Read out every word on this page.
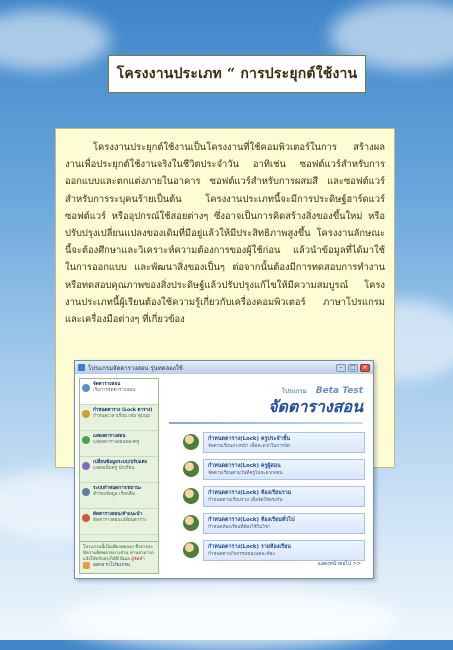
โครงงานประเภท “ การประยุกต์ใช้งาน

โครงงานประยุกต์ใช้งานเป็นโครงงานที่ใช้คอมพิวเตอร์ในการ สร้างผลงานเพื่อประยุกต์ใช้งานจริงในชีวิตประจำวัน อาทิเช่น ซอฟต์แวร์สำหรับการออกแบบและตกแต่งภายในอาคาร ซอฟต์แวร์สำหรับการผสมสี และซอฟต์แวร์สำหรับการระบุคนร้ายเป็นต้น โครงงานประเภทนี้จะมีการประดิษฐ์ฮาร์ดแวร์ ซอฟต์แวร์ หรืออุปกรณ์ใช้สอยต่างๆ ซึ่งอาจเป็นการคิดสร้างสิ่งของขึ้นใหม่ หรือปรับปรุงเปลี่ยนแปลงของเดิมที่มีอยู่แล้วให้มีประสิทธิภาพสูงขึ้น โครงงานลักษณะนี้จะต้องศึกษาและวิเคราะห์ความต้องการของผู้ใช้ก่อน แล้วนำข้อมูลที่ได้มาใช้ในการออกแบบ และพัฒนาสิ่งของเป็นๆ ต่อจากนั้นต้องมีการทดสอบการทำงานหรือทดสอบคุณภาพของสิ่งประดิษฐ์แล้วปรับปรุงแก้ไขให้มีความสมบูรณ์ โครงงานประเภทนี้ผู้เรียนต้องใช้ความรู้เกี่ยวกับเครื่องคอมพิวเตอร์ ภาษาโปรแกรม และเครื่องมือต่างๆ ที่เกี่ยวข้อง

โปรแกรมจัดตารางสอน รุ่นทดลองใช้	–	□	×
จัดตารางสอน
เริ่มการจัดตารางสอน
กำหนดตาราง (Lock ตาราง)
กำหนดเวลาเรียน เช่น ชุมนุม
แสดงตารางสอน
แสดงตารางสอนของครู
เปลี่ยนข้อมูลระบบ/ปรับแต่ง
แสดงเพิ่มครู นักเรียน
ระบบกำหนดการ/สถานะ
สำรองข้อมูล เรียกคืน
ตัดตารางสอน/คำแนะนำ
ดัดตารางสอนเปลี่ยนตาราง
โปรแกรมนี้เป็นเพียงทดลอง ซึ่งอาจจะมีความผิดพลาดบางส่วน ท่านสามารถแจ้งให้ปรับปรุงได้ที่ อีเมล ผู้จัดทำ
ออกจากโปรแกรม
โปรแกรม Beta Test
จัดตารางสอน
กำหนดตาราง(Lock) ครูประจำชั้น
จัดคาบเรียนล่วงหน้า เพื่อสะดวกในการจัด
กำหนดตาราง(Lock) ครูผู้สอน
จัดคาบเรียนตามวันที่ครูไม่สะดวกสอน
กำหนดตาราง(Lock) ห้องเรียนรวม
กำหนดคาบเรียนรวม เพื่อจัดให้ตรงกัน
กำหนดตาราง(Lock) ห้องเรียนทั่วไป
กำหนดห้องเรียนที่ต้องใช้ในวิชา
กำหนดตาราง(Lock) รายห้องเรียน
กำหนดคาบกิจกรรมของแต่ละห้อง
แสดงหน้าต่อไป >>
